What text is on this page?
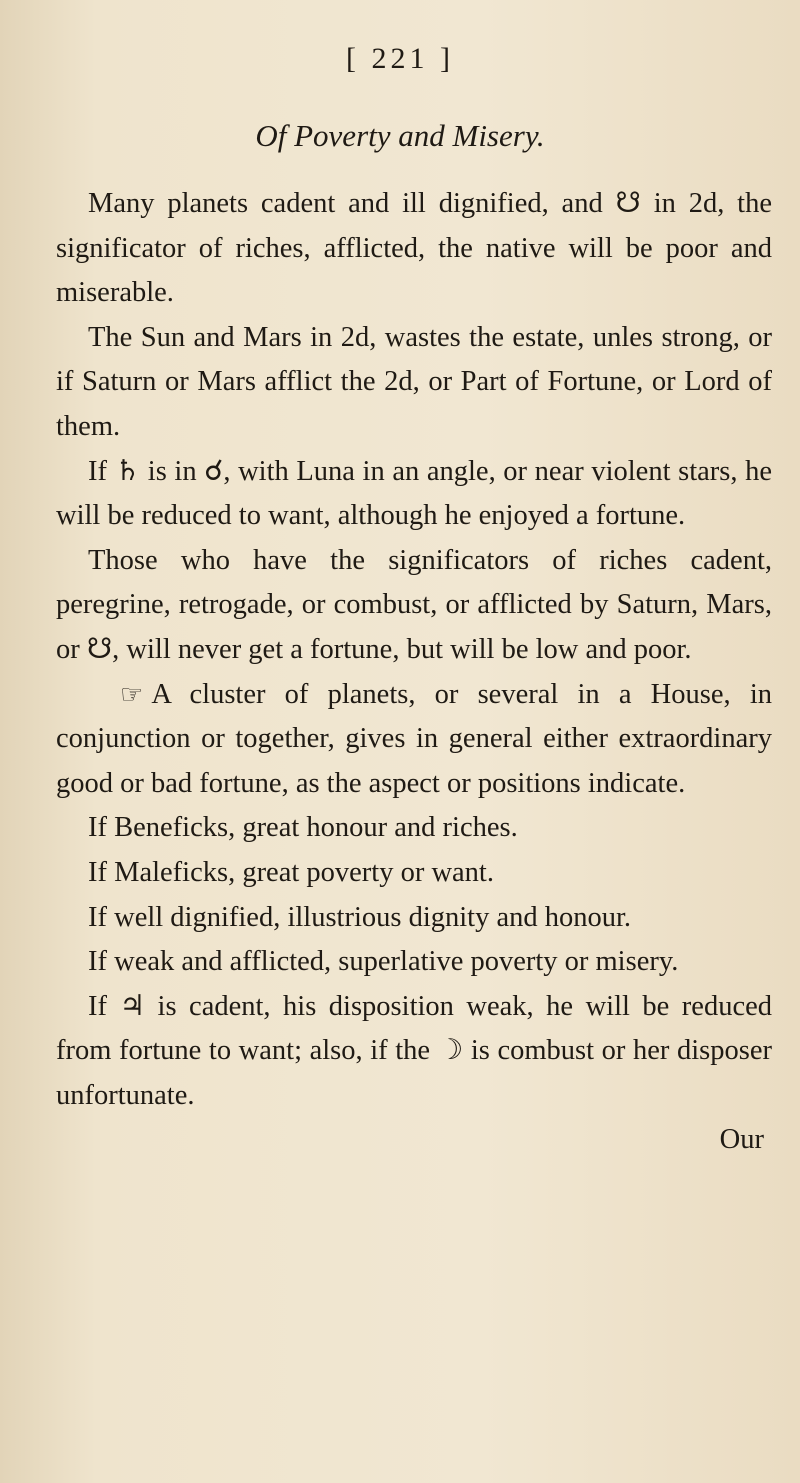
[ 221 ]
Of Poverty and Misery.

Many planets cadent and ill dignified, and ☋ in 2d, the significator of riches, afflicted, the native will be poor and miserable.

The Sun and Mars in 2d, wastes the estate, unles strong, or if Saturn or Mars afflict the 2d, or Part of Fortune, or Lord of them.

If ♄ is in ☌, with Luna in an angle, or near violent stars, he will be reduced to want, although he enjoyed a fortune.

Those who have the significators of riches cadent, peregrine, retrogade, or combust, or afflicted by Saturn, Mars, or ☋, will never get a fortune, but will be low and poor.

☞ A cluster of planets, or several in a House, in conjunction or together, gives in general either extraordinary good or bad fortune, as the aspect or positions indicate.

If Beneficks, great honour and riches.

If Maleficks, great poverty or want.

If well dignified, illustrious dignity and honour.

If weak and afflicted, superlative poverty or misery.

If ♃ is cadent, his disposition weak, he will be reduced from fortune to want; also, if the ☽ is combust or her disposer unfortunate.

Our
